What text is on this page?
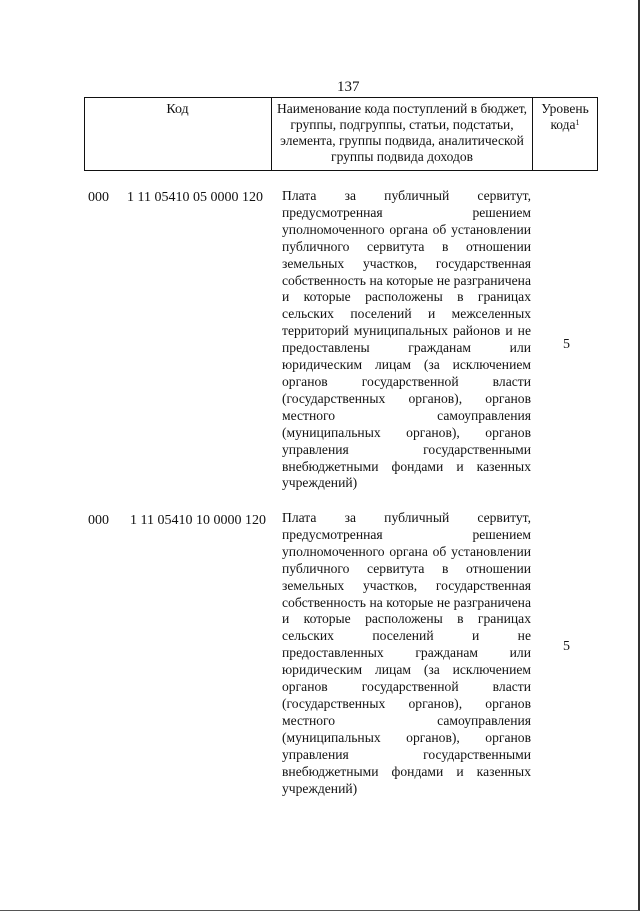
137
Код	Наименование кода поступлений в бюджет, группы, подгруппы, статьи, подстатьи, элемента, группы подвида, аналитической группы подвида доходов
Уровень кода$^1$
000 1 11 05410 05 0000 120 Плата за публичный сервитут, предусмотренная решением уполномоченного органа об установлении публичного сервитута в отношении земельных участков, государственная собственность на которые не разграничена и которые расположены в границах сельских поселений и межселенных территорий муниципальных районов и не предоставлены гражданам или юридическим лицам (за исключением органов государственной власти (государственных органов), органов местного самоуправления (муниципальных органов), органов управления государственными внебюджетными фондами и казенных учреждений)
5
000 1 11 05410 10 0000 120 Плата за публичный сервитут, предусмотренная решением уполномоченного органа об установлении публичного сервитута в отношении земельных участков, государственная собственность на которые не разграничена и которые расположены в границах сельских поселений и не предоставленных гражданам или юридическим лицам (за исключением органов государственной власти (государственных органов), органов местного самоуправления (муниципальных органов), органов управления государственными внебюджетными фондами и казенных учреждений)
5
